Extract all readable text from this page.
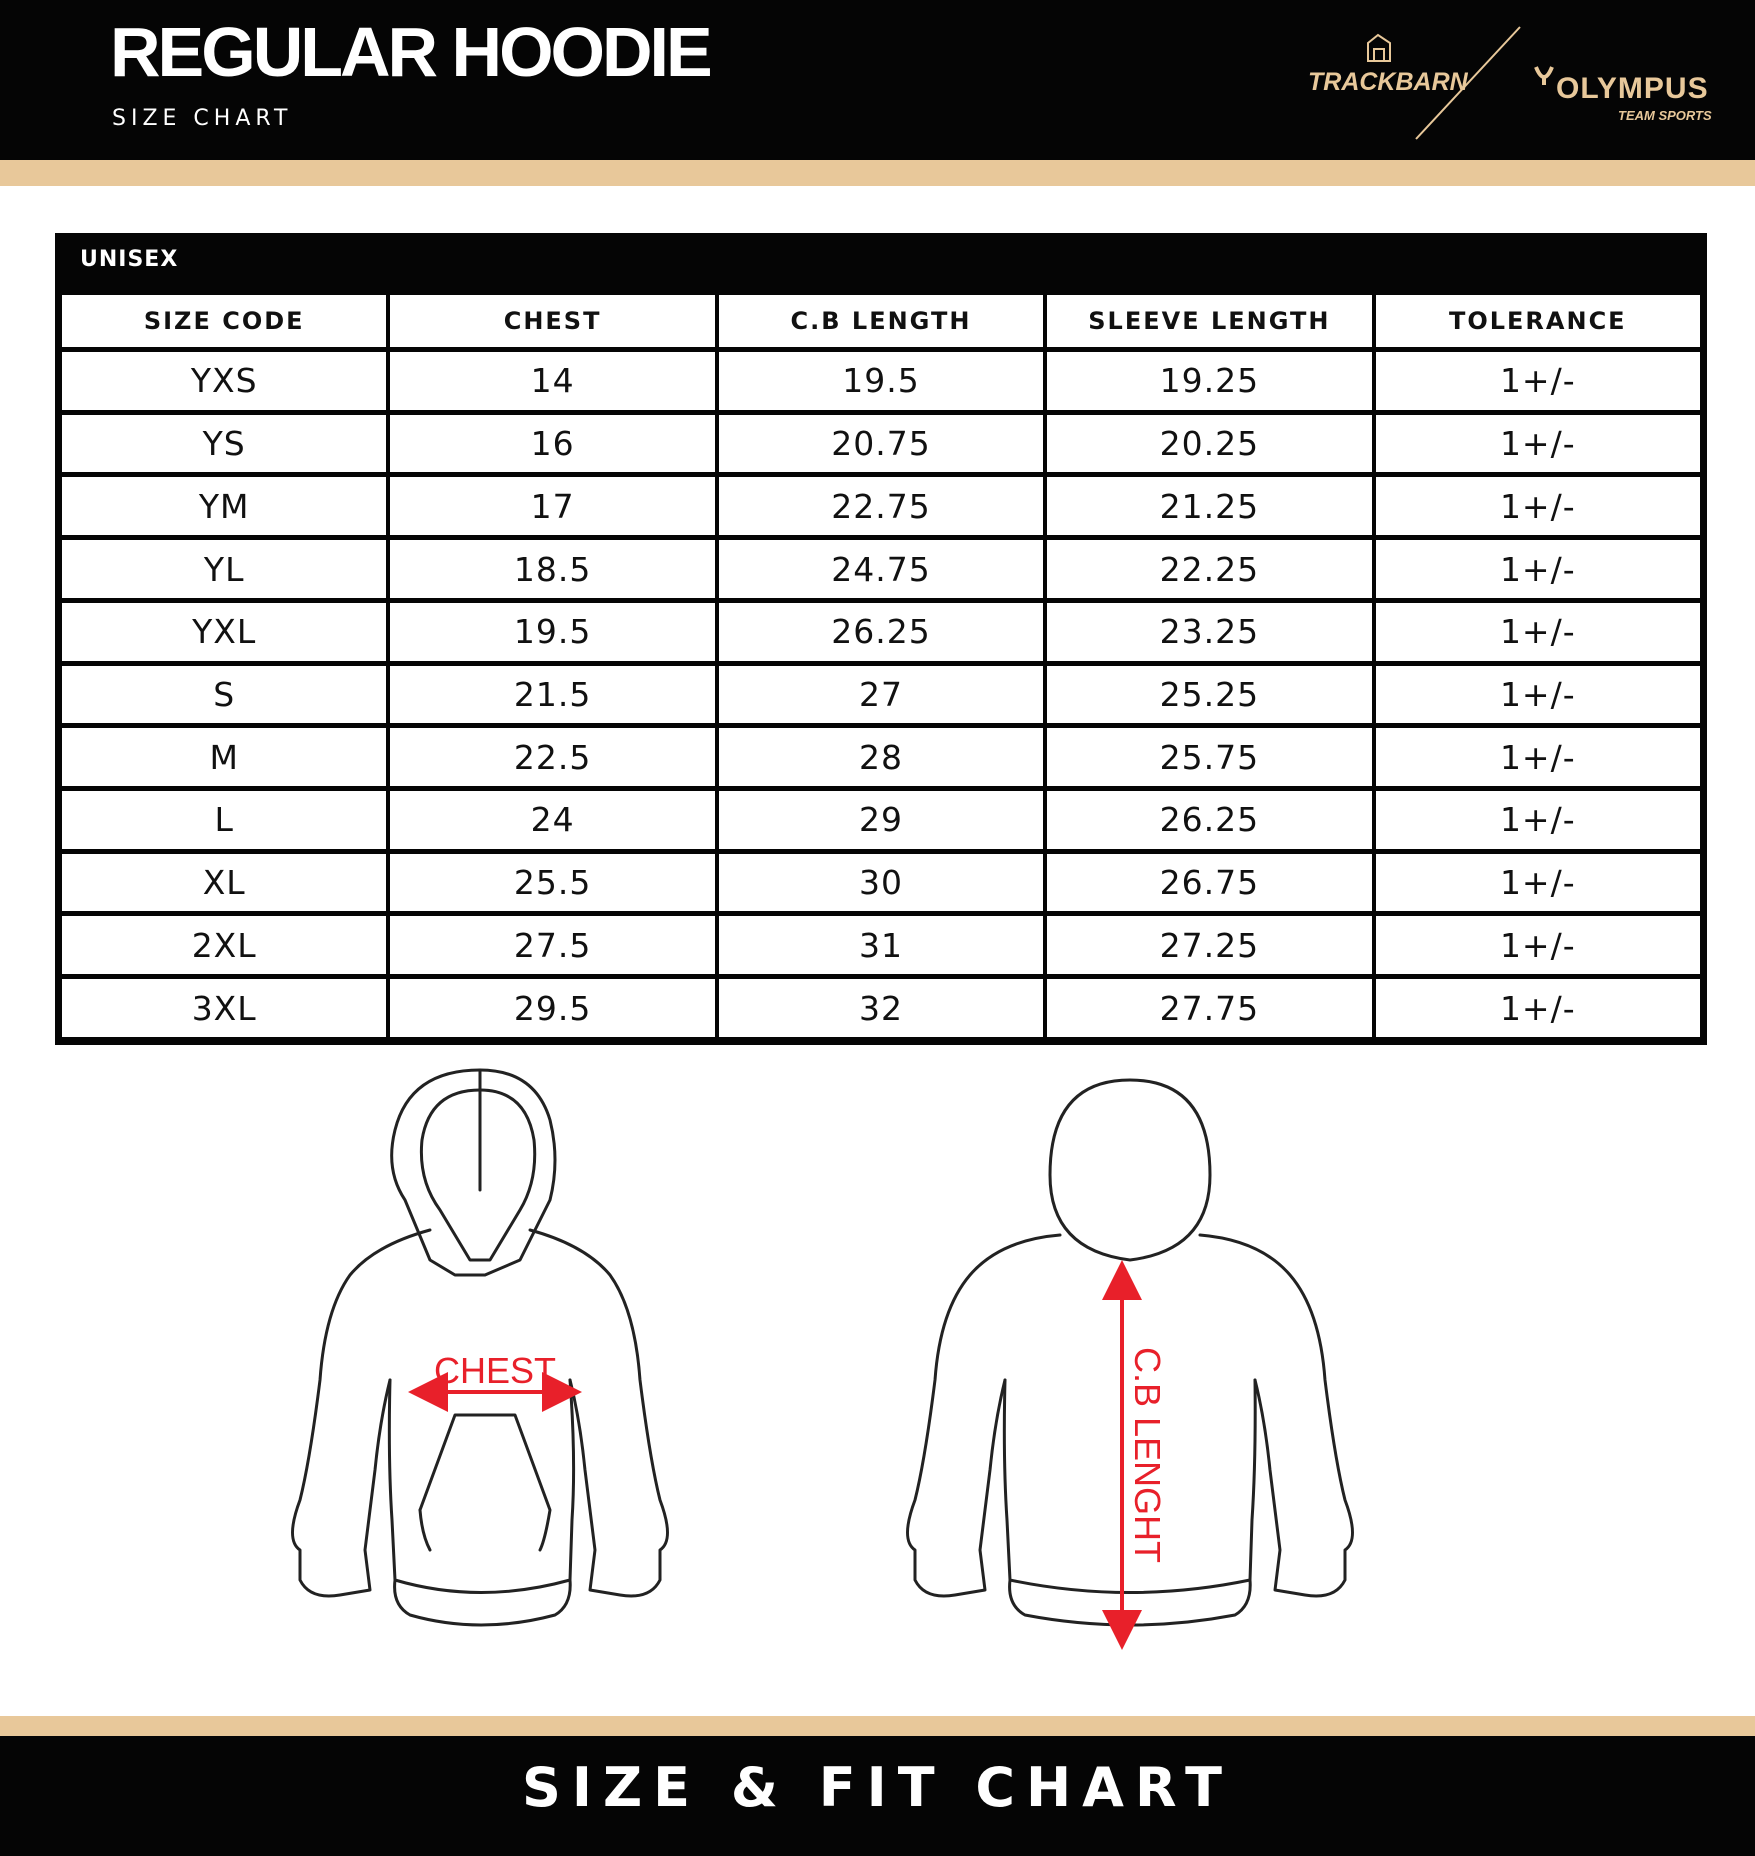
REGULAR HOODIE
SIZE CHART
TRACKBARN	OLYMPUS
TEAM SPORTS
UNISEX
SIZE CODE	CHEST	C.B LENGTH	SLEEVE LENGTH	TOLERANCE
YXS	14	19.5	19.25	1+/-
YS	16	20.75	20.25	1+/-
YM	17	22.75	21.25	1+/-
YL	18.5	24.75	22.25	1+/-
YXL	19.5	26.25	23.25	1+/-
S	21.5	27	25.25	1+/-
M	22.5	28	25.75	1+/-
L	24	29	26.25	1+/-
XL	25.5	30	26.75	1+/-
2XL	27.5	31	27.25	1+/-
3XL	29.5	32	27.75	1+/-
CHEST	C.B LENGHT
SIZE & FIT CHART
